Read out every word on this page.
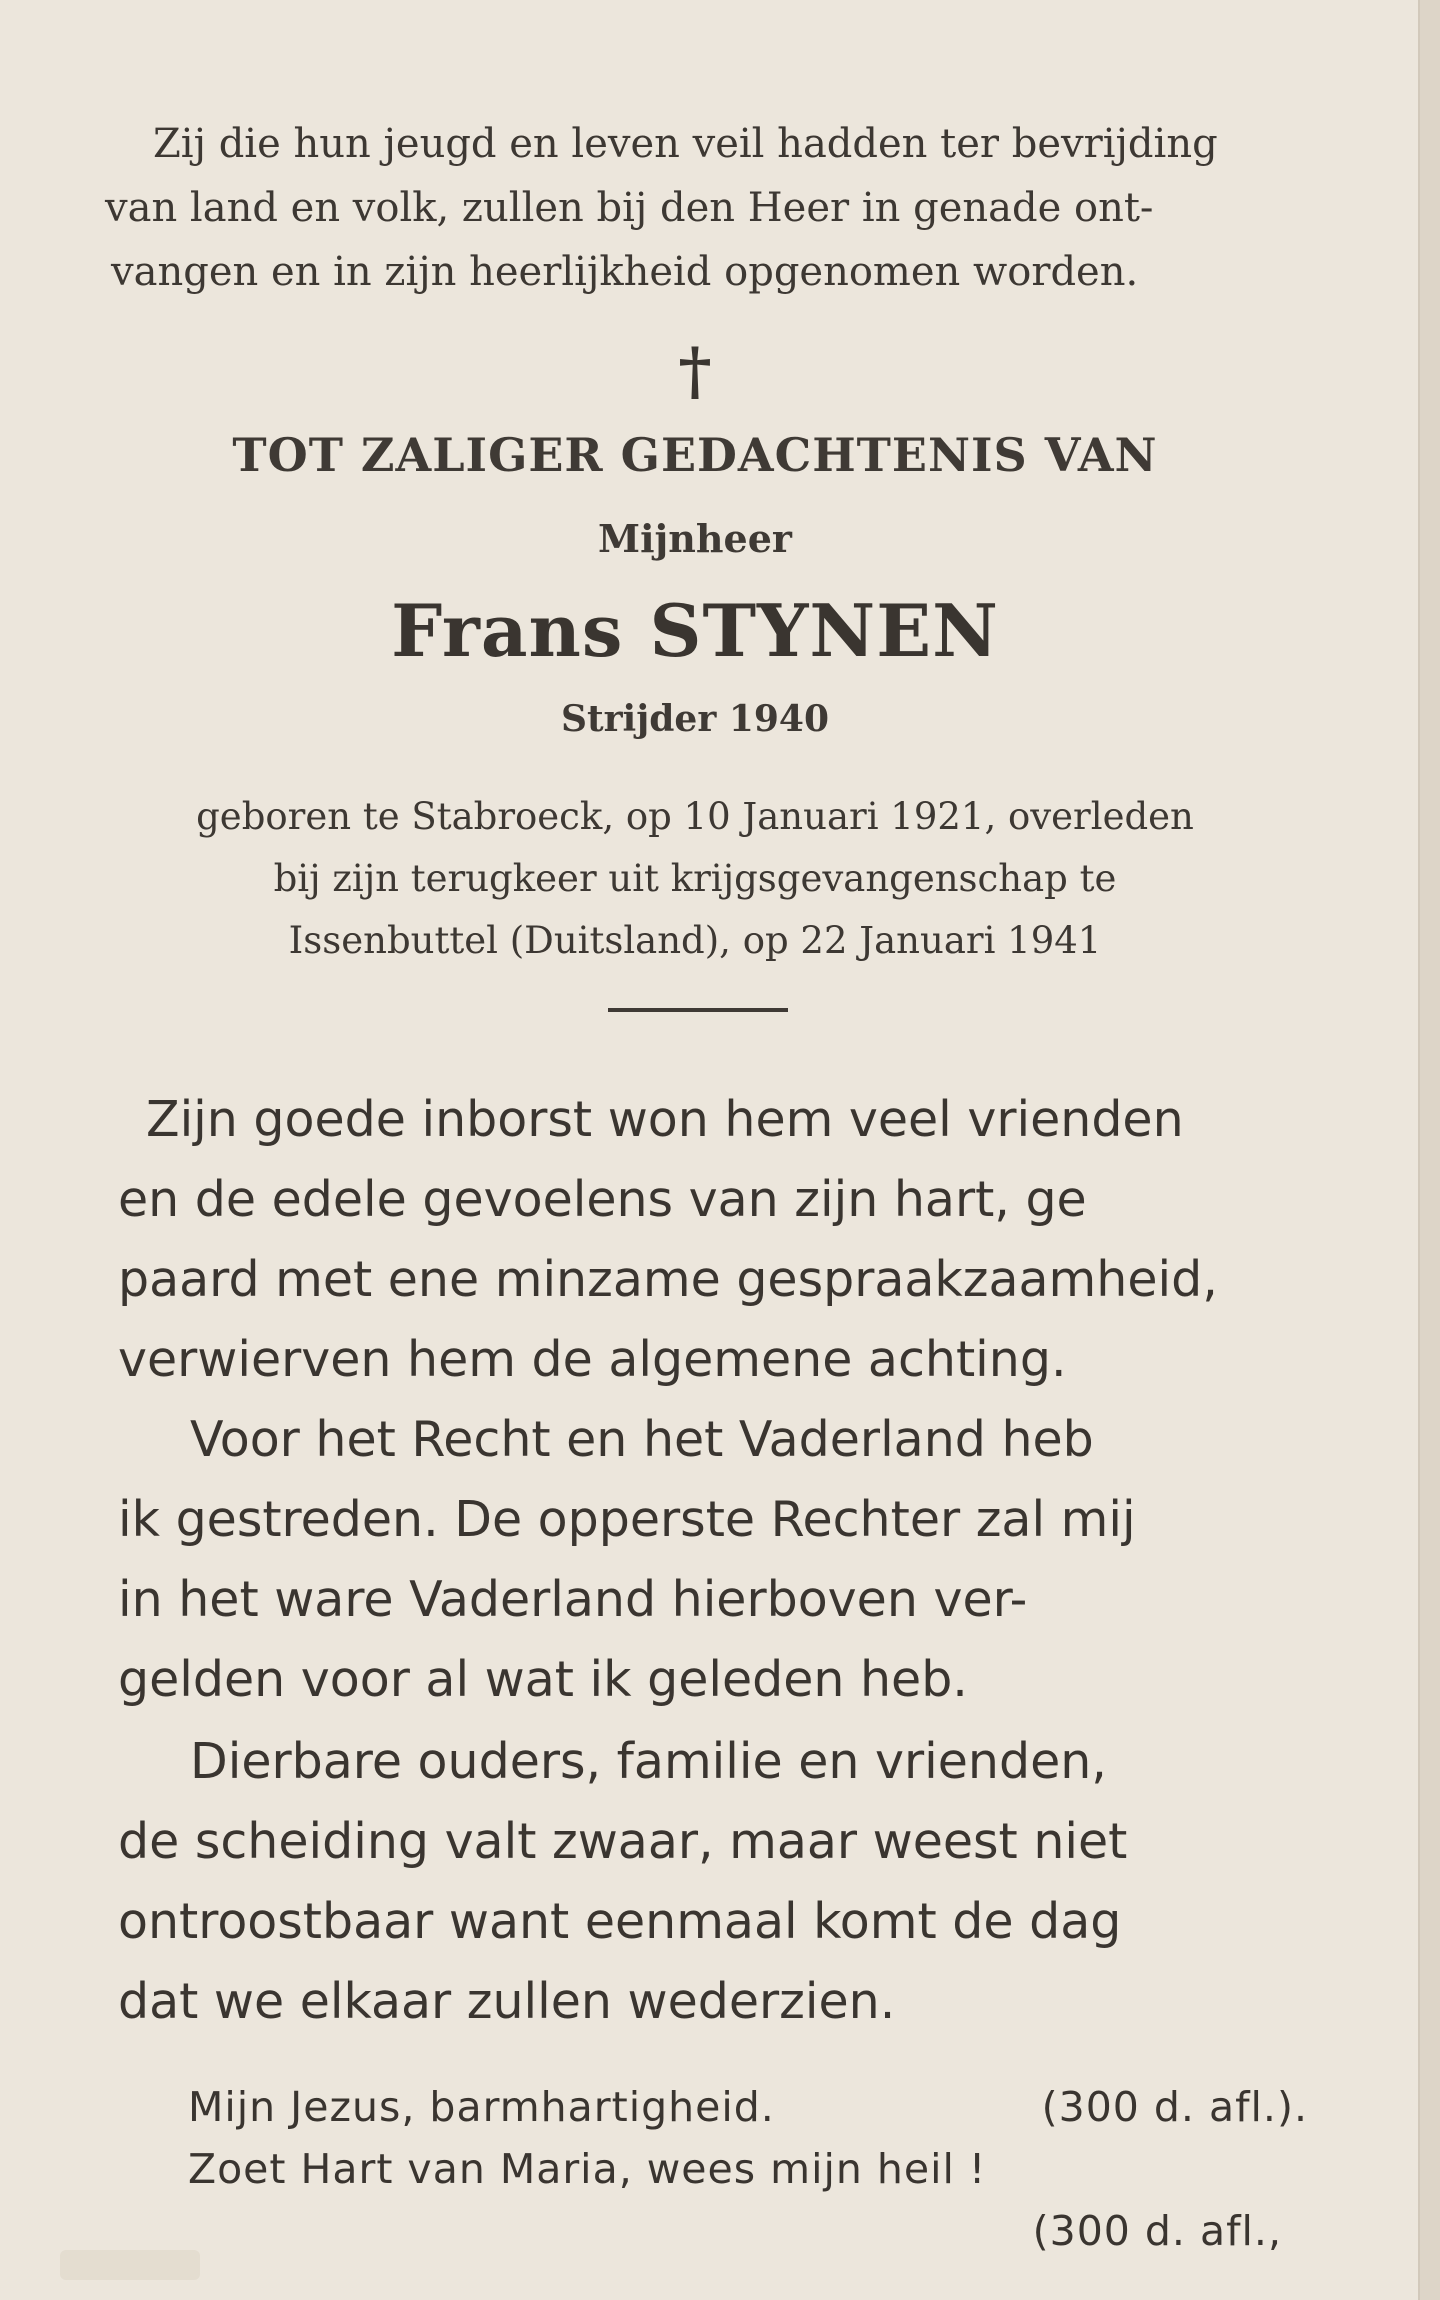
Zij die hun jeugd en leven veil hadden ter bevrijding
van land en volk, zullen bij den Heer in genade ont-
vangen en in zijn heerlijkheid opgenomen worden.
†
TOT ZALIGER GEDACHTENIS VAN
Mijnheer
Frans STYNEN
Strijder 1940
geboren te Stabroeck, op 10 Januari 1921, overleden
bij zijn terugkeer uit krijgsgevangenschap te
Issenbuttel (Duitsland), op 22 Januari 1941
Zijn goede inborst won hem veel vrienden
en de edele gevoelens van zijn hart, ge
paard met ene minzame gespraakzaamheid,
verwierven hem de algemene achting.
Voor het Recht en het Vaderland heb
ik gestreden. De opperste Rechter zal mij
in het ware Vaderland hierboven ver-
gelden voor al wat ik geleden heb.
Dierbare ouders, familie en vrienden,
de scheiding valt zwaar, maar weest niet
ontroostbaar want eenmaal komt de dag
dat we elkaar zullen wederzien.
Mijn Jezus, barmhartigheid.	(300 d. afl.).
Zoet Hart van Maria, wees mijn heil !
(300 d. afl.,
